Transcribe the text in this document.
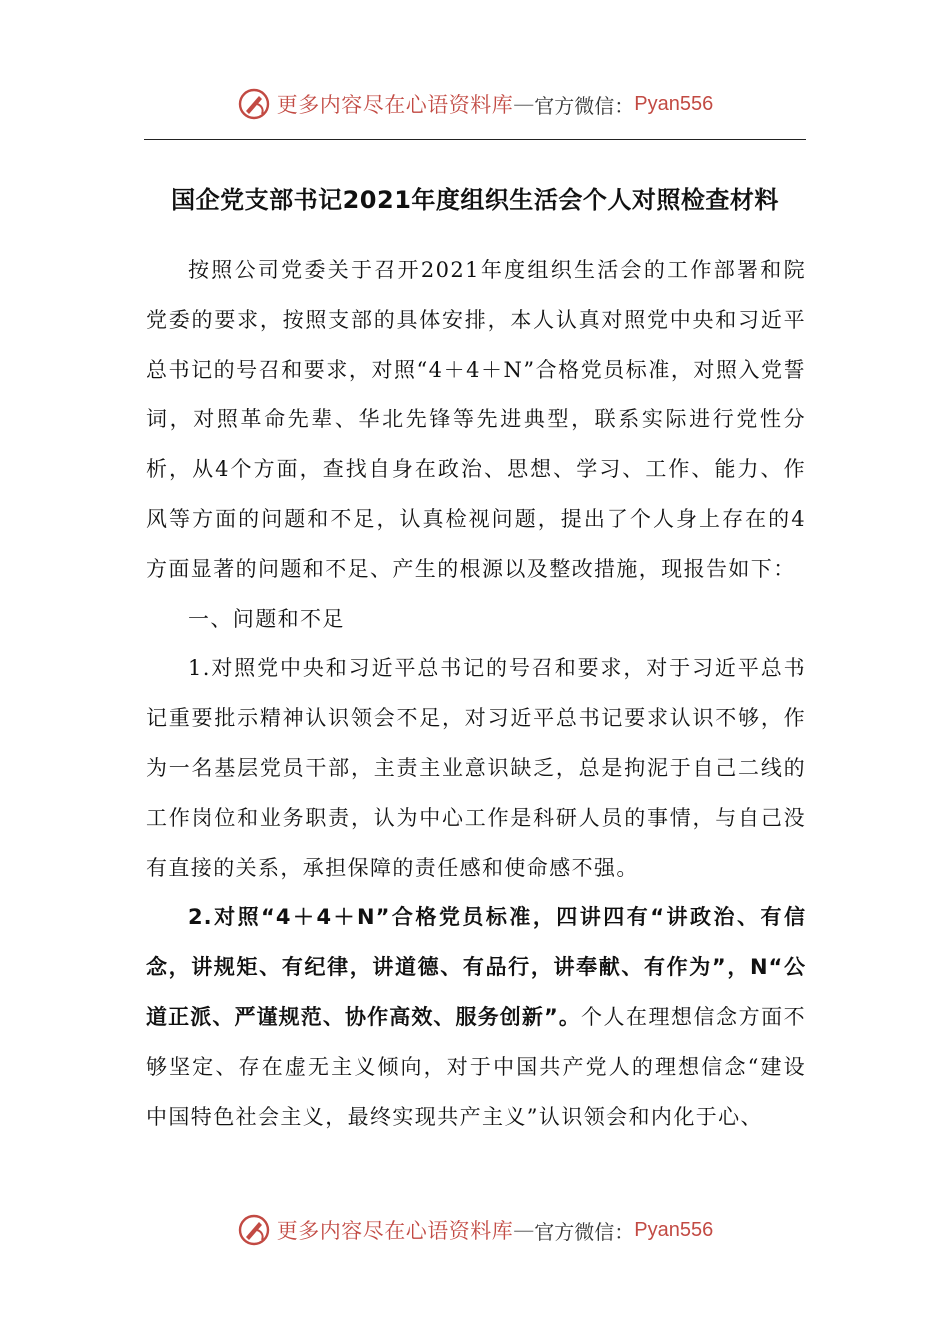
更多内容尽在心语资料库 — 官方微信： Pyan556
国企党支部书记2021年度组织生活会个人对照检查材料

按照公司党委关于召开2021年度组织生活会的工作部署和院党委的要求，按照支部的具体安排，本人认真对照党中央和习近平总书记的号召和要求，对照“4＋4＋N”合格党员标准，对照入党誓词，对照革命先辈、华北先锋等先进典型，联系实际进行党性分析，从4个方面，查找自身在政治、思想、学习、工作、能力、作风等方面的问题和不足，认真检视问题，提出了个人身上存在的4方面显著的问题和不足、产生的根源以及整改措施，现报告如下：

一、问题和不足

1.对照党中央和习近平总书记的号召和要求，对于习近平总书记重要批示精神认识领会不足，对习近平总书记要求认识不够，作为一名基层党员干部，主责主业意识缺乏，总是拘泥于自己二线的工作岗位和业务职责，认为中心工作是科研人员的事情，与自己没有直接的关系，承担保障的责任感和使命感不强。

2.对照“4＋4＋N”合格党员标准，四讲四有“讲政治、有信念，讲规矩、有纪律，讲道德、有品行，讲奉献、有作为”，N“公道正派、严谨规范、协作高效、服务创新”。个人在理想信念方面不够坚定、存在虚无主义倾向，对于中国共产党人的理想信念“建设中国特色社会主义，最终实现共产主义”认识领会和内化于心、

更多内容尽在心语资料库 — 官方微信： Pyan556
